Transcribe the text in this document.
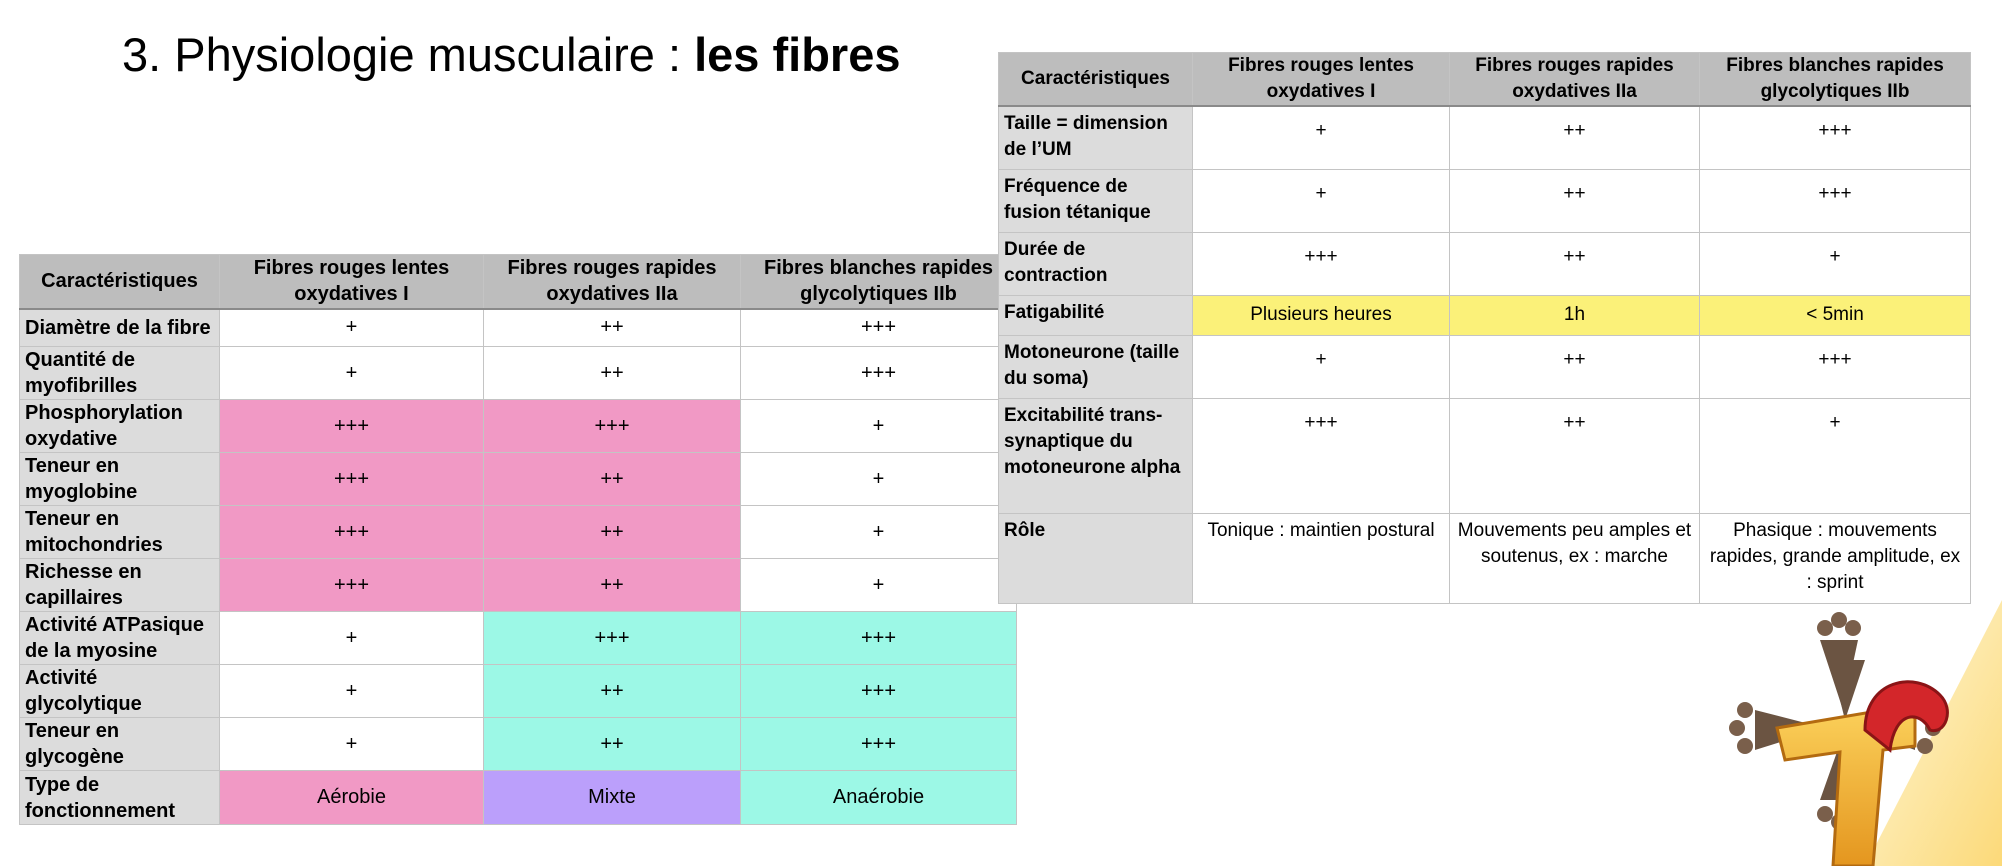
3. Physiologie musculaire : les fibres
Caractéristiques	Fibres rouges lentes oxydatives I	Fibres rouges rapides oxydatives IIa	Fibres blanches rapides glycolytiques IIb
Diamètre de la fibre	+	++	+++
Quantité de myofibrilles	+	++	+++
Phosphorylation oxydative	+++	+++	+
Teneur en myoglobine	+++	++	+
Teneur en mitochondries	+++	++	+
Richesse en capillaires	+++	++	+
Activité ATPasique de la myosine	+	+++	+++
Activité glycolytique	+	++	+++
Teneur en glycogène	+	++	+++
Type de fonctionnement	Aérobie	Mixte	Anaérobie
Caractéristiques	Fibres rouges lentes oxydatives I	Fibres rouges rapides oxydatives IIa	Fibres blanches rapides glycolytiques IIb
Taille = dimension de l’UM	+	++	+++
Fréquence de fusion tétanique	+	++	+++
Durée de contraction	+++	++	+
Fatigabilité	Plusieurs heures	1h	< 5min
Motoneurone (taille du soma)	+	++	+++
Excitabilité trans-synaptique du motoneurone alpha	+++	++	+
Rôle	Tonique : maintien postural	Mouvements peu amples et soutenus, ex : marche	Phasique : mouvements rapides, grande amplitude, ex : sprint
